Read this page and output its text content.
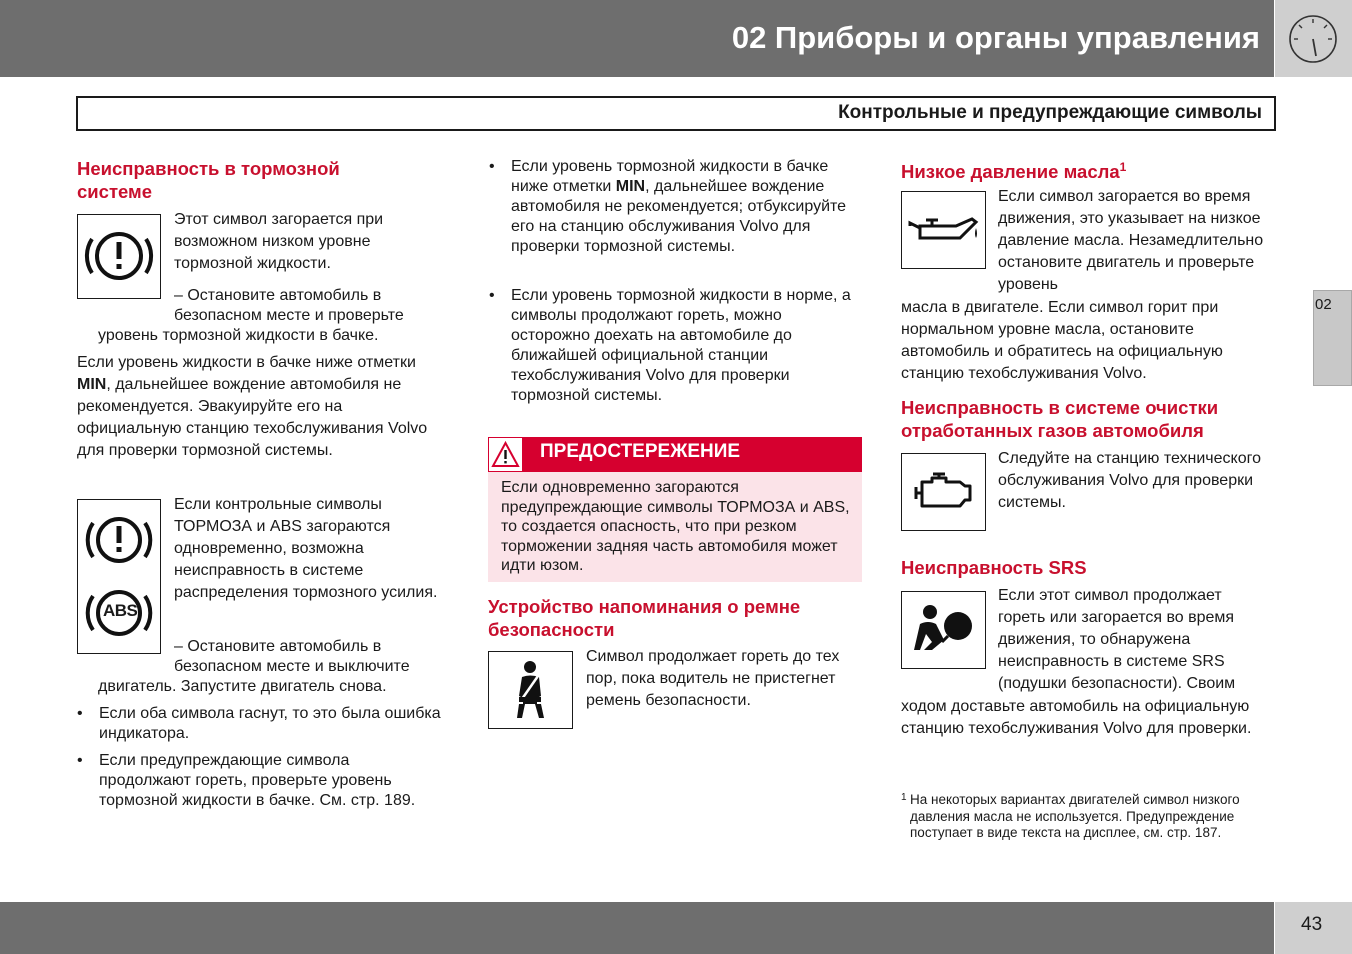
02 Приборы и органы управления
Контрольные и предупреждающие символы
02
Неисправность в тормозной системе
Этот символ загорается при возможном низком уровне тормозной жидкости.
– Остановите автомобиль в безопасном месте и проверьте
уровень тормозной жидкости в бачке.
Если уровень жидкости в бачке ниже отметки MIN, дальнейшее вождение автомобиля не рекомендуется. Эвакуируйте его на официальную станцию техобслуживания Volvo для проверки тормозной системы.
ABS
Если контрольные символы ТОРМОЗА и ABS загораются одновременно, возможна неисправность в системе распределения тормозного усилия.
– Остановите автомобиль в безопасном месте и выключите
двигатель. Запустите двигатель снова.
• Если оба символа гаснут, то это была ошибка индикатора.
• Если предупреждающие символа продолжают гореть, проверьте уровень тормозной жидкости в бачке. См. стр. 189.
• Если уровень тормозной жидкости в бачке ниже отметки MIN, дальнейшее вождение автомобиля не рекомендуется; отбуксируйте его на станцию обслуживания Volvo для проверки тормозной системы.
• Если уровень тормозной жидкости в норме, а символы продолжают гореть, можно осторожно доехать на автомобиле до ближайшей официальной станции техобслуживания Volvo для проверки тормозной системы.
ПРЕДОСТЕРЕЖЕНИЕ
Если одновременно загораются предупреждающие символы ТОРМОЗА и ABS, то создается опасность, что при резком торможении задняя часть автомобиля может идти юзом.
Устройство напоминания о ремне безопасности
Символ продолжает гореть до тех пор, пока водитель не пристегнет ремень безопасности.
Низкое давление масла$^1$
Если символ загорается во время движения, это указывает на низкое давление масла. Незамедлительно остановите двигатель и проверьте уровень
масла в двигателе. Если символ горит при нормальном уровне масла, остановите автомобиль и обратитесь на официальную станцию техобслуживания Volvo.
Неисправность в системе очистки отработанных газов автомобиля
Следуйте на станцию технического обслуживания Volvo для проверки системы.
Неисправность SRS
Если этот символ продолжает гореть или загорается во время движения, то обнаружена неисправность в системе SRS (подушки безопасности). Своим
ходом доставьте автомобиль на официальную станцию техобслуживания Volvo для проверки.
1 На некоторых вариантах двигателей символ низкого давления масла не используется. Предупреждение поступает в виде текста на дисплее, см. стр. 187.
43
